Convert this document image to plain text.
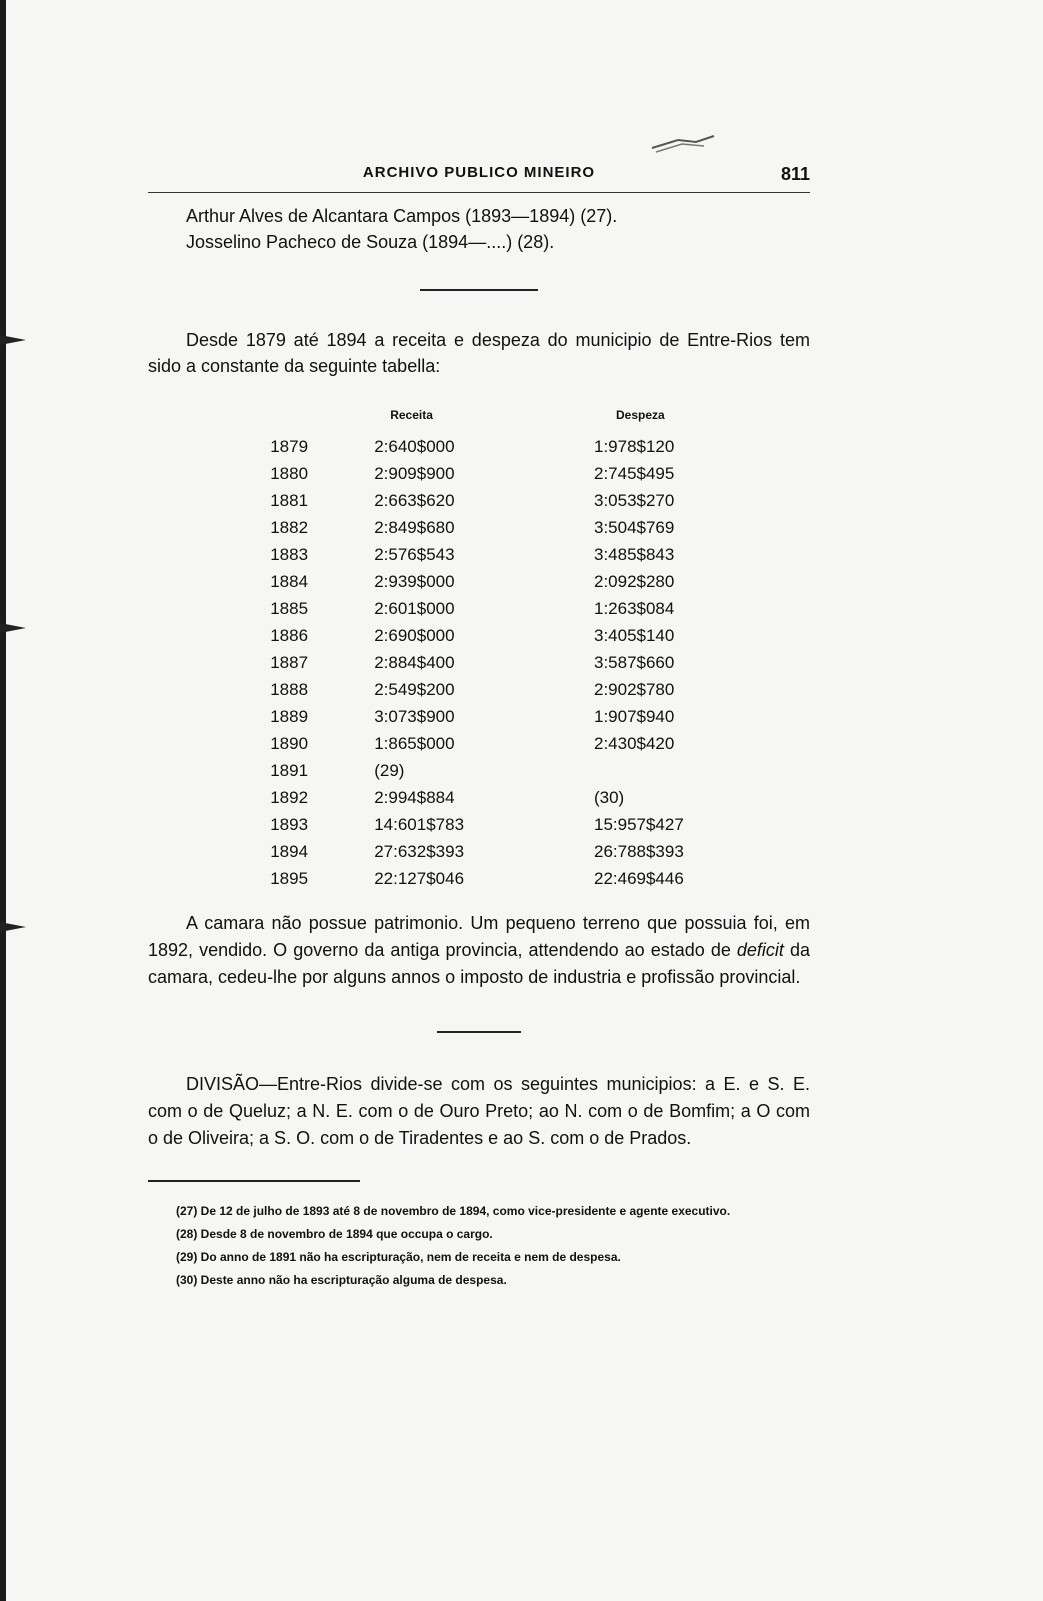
ARCHIVO PUBLICO MINEIRO	811
Arthur Alves de Alcantara Campos (1893—1894) (27).
Josselino Pacheco de Souza (1894—....) (28).

Desde 1879 até 1894 a receita e despeza do municipio de Entre-Rios tem sido a constante da seguinte tabella:

	Receita	Despeza
1879	2:640$000	1:978$120
1880	2:909$900	2:745$495
1881	2:663$620	3:053$270
1882	2:849$680	3:504$769
1883	2:576$543	3:485$843
1884	2:939$000	2:092$280
1885	2:601$000	1:263$084
1886	2:690$000	3:405$140
1887	2:884$400	3:587$660
1888	2:549$200	2:902$780
1889	3:073$900	1:907$940
1890	1:865$000	2:430$420
1891	(29)	
1892	2:994$884	(30)
1893	14:601$783	15:957$427
1894	27:632$393	26:788$393
1895	22:127$046	22:469$446

A camara não possue patrimonio. Um pequeno terreno que possuia foi, em 1892, vendido. O governo da antiga provincia, attendendo ao estado de deficit da camara, cedeu-lhe por alguns annos o imposto de industria e profissão provincial.

DIVISÃO—Entre-Rios divide-se com os seguintes municipios: a E. e S. E. com o de Queluz; a N. E. com o de Ouro Preto; ao N. com o de Bomfim; a O com o de Oliveira; a S. O. com o de Tiradentes e ao S. com o de Prados.

(27) De 12 de julho de 1893 até 8 de novembro de 1894, como vice-presidente e agente executivo.
(28) Desde 8 de novembro de 1894 que occupa o cargo.
(29) Do anno de 1891 não ha escripturação, nem de receita e nem de despesa.
(30) Deste anno não ha escripturação alguma de despesa.
